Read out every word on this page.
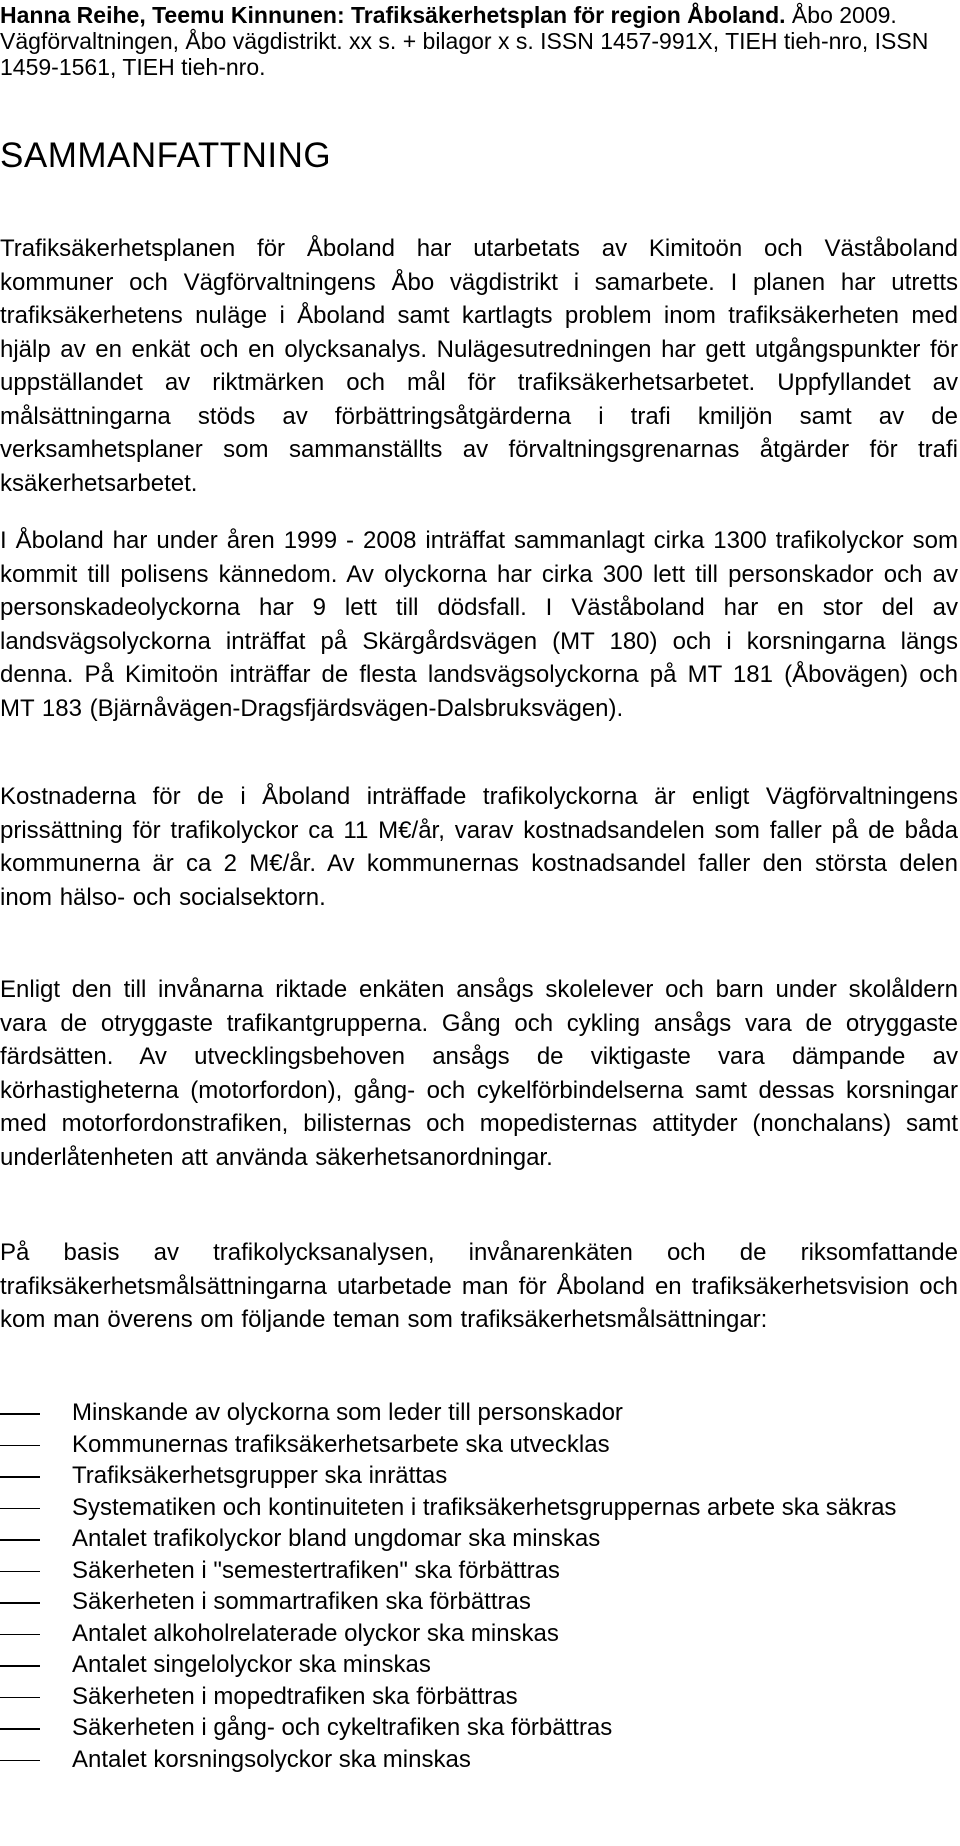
Hanna Reihe, Teemu Kinnunen: Trafiksäkerhetsplan för region Åboland. Åbo 2009. Vägförvaltningen, Åbo vägdistrikt. xx s. + bilagor x s. ISSN 1457-991X, TIEH tieh-nro, ISSN 1459-1561, TIEH tieh-nro.

SAMMANFATTNING

Trafiksäkerhetsplanen för Åboland har utarbetats av Kimitoön och Väståboland kommuner och Vägförvaltningens Åbo vägdistrikt i samarbete. I planen har utretts trafiksäkerhetens nuläge i Åboland samt kartlagts problem inom trafiksäkerheten med hjälp av en enkät och en olycksanalys. Nulägesutredningen har gett utgångspunkter för uppställandet av riktmärken och mål för trafiksäkerhetsarbetet. Uppfyllandet av målsättningarna stöds av förbättringsåtgärderna i trafi kmiljön samt av de verksamhetsplaner som sammanställts av förvaltningsgrenarnas åtgärder för trafi ksäkerhetsarbetet.

I Åboland har under åren 1999 - 2008 inträffat sammanlagt cirka 1300 trafikolyckor som kommit till polisens kännedom. Av olyckorna har cirka 300 lett till personskador och av personskadeolyckorna har 9 lett till dödsfall. I Väståboland har en stor del av landsvägsolyckorna inträffat på Skärgårdsvägen (MT 180) och i korsningarna längs denna. På Kimitoön inträffar de flesta landsvägsolyckorna på MT 181 (Åbovägen) och MT 183 (Bjärnåvägen-Dragsfjärdsvägen-Dalsbruksvägen).

Kostnaderna för de i Åboland inträffade trafikolyckorna är enligt Vägförvaltningens prissättning för trafikolyckor ca 11 M€/år, varav kostnadsandelen som faller på de båda kommunerna är ca 2 M€/år. Av kommunernas kostnadsandel faller den största delen inom hälso- och socialsektorn.

Enligt den till invånarna riktade enkäten ansågs skolelever och barn under skolåldern vara de otryggaste trafikantgrupperna. Gång och cykling ansågs vara de otryggaste färdsätten. Av utvecklingsbehoven ansågs de viktigaste vara dämpande av körhastigheterna (motorfordon), gång- och cykelförbindelserna samt dessas korsningar med motorfordonstrafiken, bilisternas och mopedisternas attityder (nonchalans) samt underlåtenheten att använda säkerhetsanordningar.

På basis av trafikolycksanalysen, invånarenkäten och de riksomfattande trafiksäkerhetsmålsättningarna utarbetade man för Åboland en trafiksäkerhetsvision och kom man överens om följande teman som trafiksäkerhetsmålsättningar:

Minskande av olyckorna som leder till personskador
Kommunernas trafiksäkerhetsarbete ska utvecklas
Trafiksäkerhetsgrupper ska inrättas
Systematiken och kontinuiteten i trafiksäkerhetsgruppernas arbete ska säkras
Antalet trafikolyckor bland ungdomar ska minskas
Säkerheten i "semestertrafiken" ska förbättras
Säkerheten i sommartrafiken ska förbättras
Antalet alkoholrelaterade olyckor ska minskas
Antalet singelolyckor ska minskas
Säkerheten i mopedtrafiken ska förbättras
Säkerheten i gång- och cykeltrafiken ska förbättras
Antalet korsningsolyckor ska minskas
